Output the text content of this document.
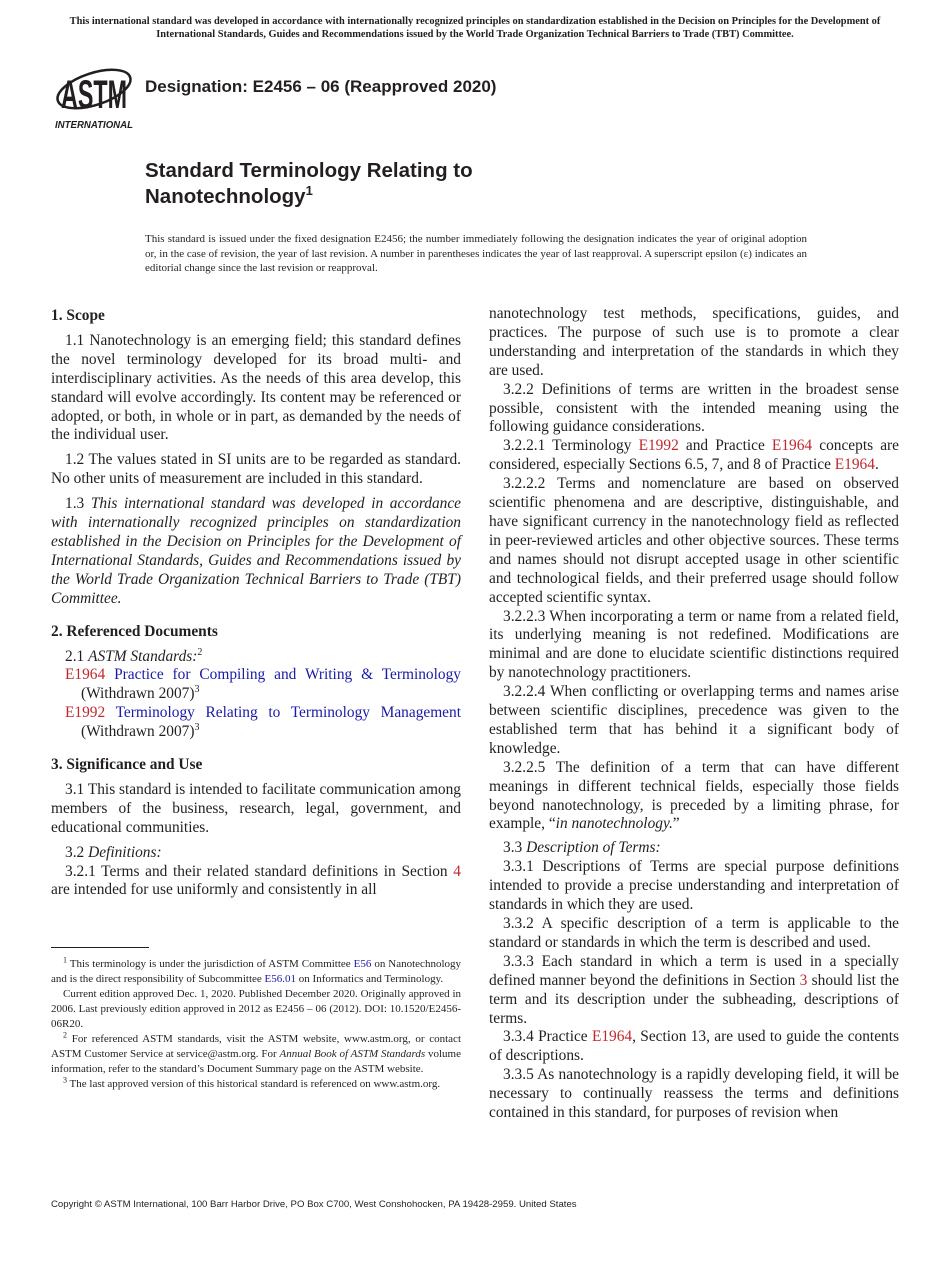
This international standard was developed in accordance with internationally recognized principles on standardization established in the Decision on Principles for the Development of International Standards, Guides and Recommendations issued by the World Trade Organization Technical Barriers to Trade (TBT) Committee.
ASTM
INTERNATIONAL
Designation: E2456 – 06 (Reapproved 2020)
Standard Terminology Relating to
Nanotechnology$^1$
This standard is issued under the fixed designation E2456; the number immediately following the designation indicates the year of original adoption or, in the case of revision, the year of last revision. A number in parentheses indicates the year of last reapproval. A superscript epsilon (ε) indicates an editorial change since the last revision or reapproval.
1. Scope
1.1 Nanotechnology is an emerging field; this standard defines the novel terminology developed for its broad multi- and interdisciplinary activities. As the needs of this area develop, this standard will evolve accordingly. Its content may be referenced or adopted, or both, in whole or in part, as demanded by the needs of the individual user.
1.2 The values stated in SI units are to be regarded as standard. No other units of measurement are included in this standard.
1.3 This international standard was developed in accordance with internationally recognized principles on standardization established in the Decision on Principles for the Development of International Standards, Guides and Recommendations issued by the World Trade Organization Technical Barriers to Trade (TBT) Committee.
2. Referenced Documents
2.1 ASTM Standards:$^2$
E1964 Practice for Compiling and Writing & Terminology (Withdrawn 2007)$^3$
E1992 Terminology Relating to Terminology Management (Withdrawn 2007)$^3$
3. Significance and Use
3.1 This standard is intended to facilitate communication among members of the business, research, legal, government, and educational communities.
3.2 Definitions:
3.2.1 Terms and their related standard definitions in Section 4 are intended for use uniformly and consistently in all
nanotechnology test methods, specifications, guides, and practices. The purpose of such use is to promote a clear understanding and interpretation of the standards in which they are used.
3.2.2 Definitions of terms are written in the broadest sense possible, consistent with the intended meaning using the following guidance considerations.
3.2.2.1 Terminology E1992 and Practice E1964 concepts are considered, especially Sections 6.5, 7, and 8 of Practice E1964.
3.2.2.2 Terms and nomenclature are based on observed scientific phenomena and are descriptive, distinguishable, and have significant currency in the nanotechnology field as reflected in peer-reviewed articles and other objective sources. These terms and names should not disrupt accepted usage in other scientific and technological fields, and their preferred usage should follow accepted scientific syntax.
3.2.2.3 When incorporating a term or name from a related field, its underlying meaning is not redefined. Modifications are minimal and are done to elucidate scientific distinctions required by nanotechnology practitioners.
3.2.2.4 When conflicting or overlapping terms and names arise between scientific disciplines, precedence was given to the established term that has behind it a significant body of knowledge.
3.2.2.5 The definition of a term that can have different meanings in different technical fields, especially those fields beyond nanotechnology, is preceded by a limiting phrase, for example, “in nanotechnology.”
3.3 Description of Terms:
3.3.1 Descriptions of Terms are special purpose definitions intended to provide a precise understanding and interpretation of standards in which they are used.
3.3.2 A specific description of a term is applicable to the standard or standards in which the term is described and used.
3.3.3 Each standard in which a term is used in a specially defined manner beyond the definitions in Section 3 should list the term and its description under the subheading, descriptions of terms.
3.3.4 Practice E1964, Section 13, are used to guide the contents of descriptions.
3.3.5 As nanotechnology is a rapidly developing field, it will be necessary to continually reassess the terms and definitions contained in this standard, for purposes of revision when
$^1$ This terminology is under the jurisdiction of ASTM Committee E56 on Nanotechnology and is the direct responsibility of Subcommittee E56.01 on Informatics and Terminology.
Current edition approved Dec. 1, 2020. Published December 2020. Originally approved in 2006. Last previously edition approved in 2012 as E2456 – 06 (2012). DOI: 10.1520/E2456-06R20.
$^2$ For referenced ASTM standards, visit the ASTM website, www.astm.org, or contact ASTM Customer Service at service@astm.org. For Annual Book of ASTM Standards volume information, refer to the standard’s Document Summary page on the ASTM website.
$^3$ The last approved version of this historical standard is referenced on www.astm.org.
Copyright © ASTM International, 100 Barr Harbor Drive, PO Box C700, West Conshohocken, PA 19428-2959. United States
